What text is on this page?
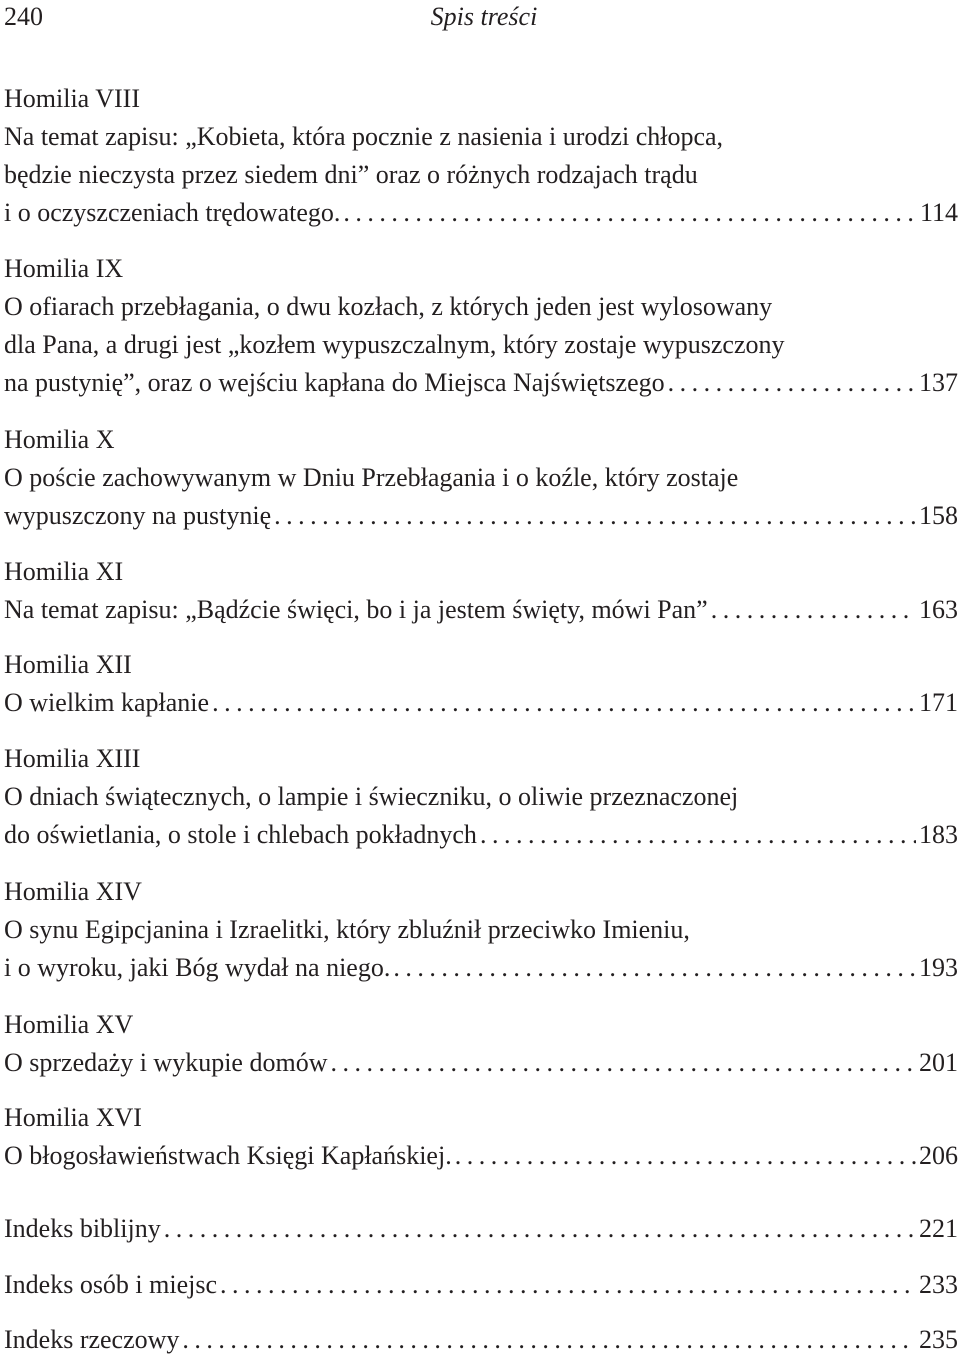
240	Spis treści
Homilia VIII
Na temat zapisu: „Kobieta, która pocznie z nasienia i urodzi chłopca,
będzie nieczysta przez siedem dni” oraz o różnych rodzajach trądu
i o oczyszczeniach trędowatego. . . .	114
Homilia IX
O ofiarach przebłagania, o dwu kozłach, z których jeden jest wylosowany
dla Pana, a drugi jest „kozłem wypuszczalnym, który zostaje wypuszczony
na pustynię”, oraz o wejściu kapłana do Miejsca Najświętszego . . .	137
Homilia X
O poście zachowywanym w Dniu Przebłagania i o koźle, który zostaje
wypuszczony na pustynię . . .	158
Homilia XI
Na temat zapisu: „Bądźcie święci, bo i ja jestem święty, mówi Pan” . . .	163
Homilia XII
O wielkim kapłanie . . .	171
Homilia XIII
O dniach świątecznych, o lampie i świeczniku, o oliwie przeznaczonej
do oświetlania, o stole i chlebach pokładnych . . .	183
Homilia XIV
O synu Egipcjanina i Izraelitki, który zbluźnił przeciwko Imieniu,
i o wyroku, jaki Bóg wydał na niego. . . .	193
Homilia XV
O sprzedaży i wykupie domów . . .	201
Homilia XVI
O błogosławieństwach Księgi Kapłańskiej. . . .	206
Indeks biblijny . . .	221
Indeks osób i miejsc . . .	233
Indeks rzeczowy . . .	235
